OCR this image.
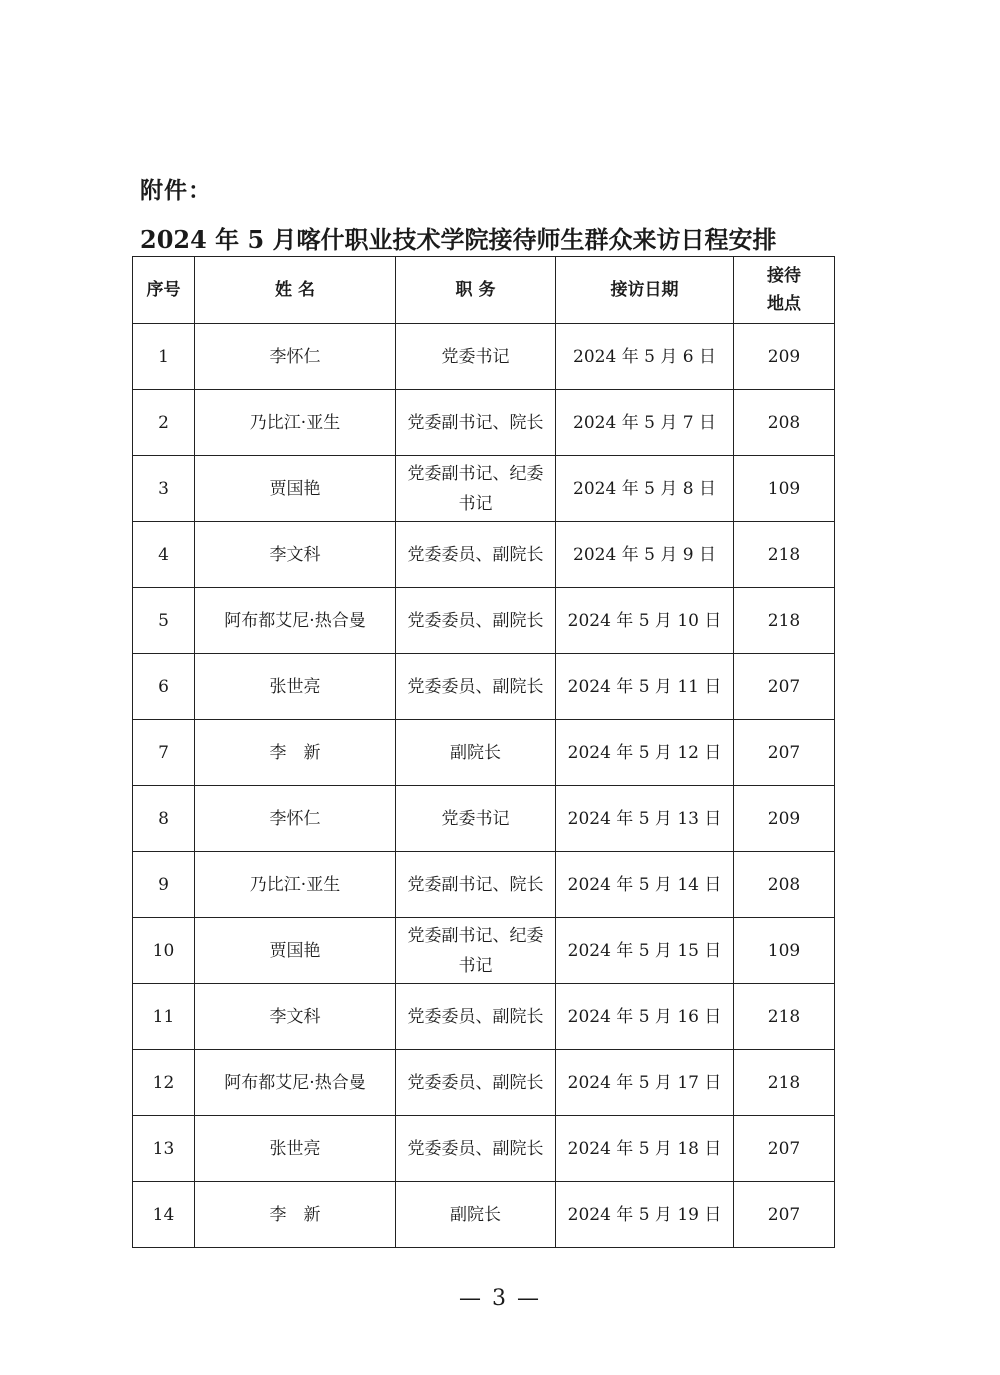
附件：
2024 年 5 月喀什职业技术学院接待师生群众来访日程安排
序号	姓 名	职 务	接访日期	接待
地点
1	李怀仁	党委书记	2024 年 5 月 6 日	209
2	乃比江·亚生	党委副书记、院长	2024 年 5 月 7 日	208
3	贾国艳	党委副书记、纪委书记	2024 年 5 月 8 日	109
4	李文科	党委委员、副院长	2024 年 5 月 9 日	218
5	阿布都艾尼·热合曼	党委委员、副院长	2024 年 5 月 10 日	218
6	张世亮	党委委员、副院长	2024 年 5 月 11 日	207
7	李　新	副院长	2024 年 5 月 12 日	207
8	李怀仁	党委书记	2024 年 5 月 13 日	209
9	乃比江·亚生	党委副书记、院长	2024 年 5 月 14 日	208
10	贾国艳	党委副书记、纪委书记	2024 年 5 月 15 日	109
11	李文科	党委委员、副院长	2024 年 5 月 16 日	218
12	阿布都艾尼·热合曼	党委委员、副院长	2024 年 5 月 17 日	218
13	张世亮	党委委员、副院长	2024 年 5 月 18 日	207
14	李　新	副院长	2024 年 5 月 19 日	207
— 3 —
